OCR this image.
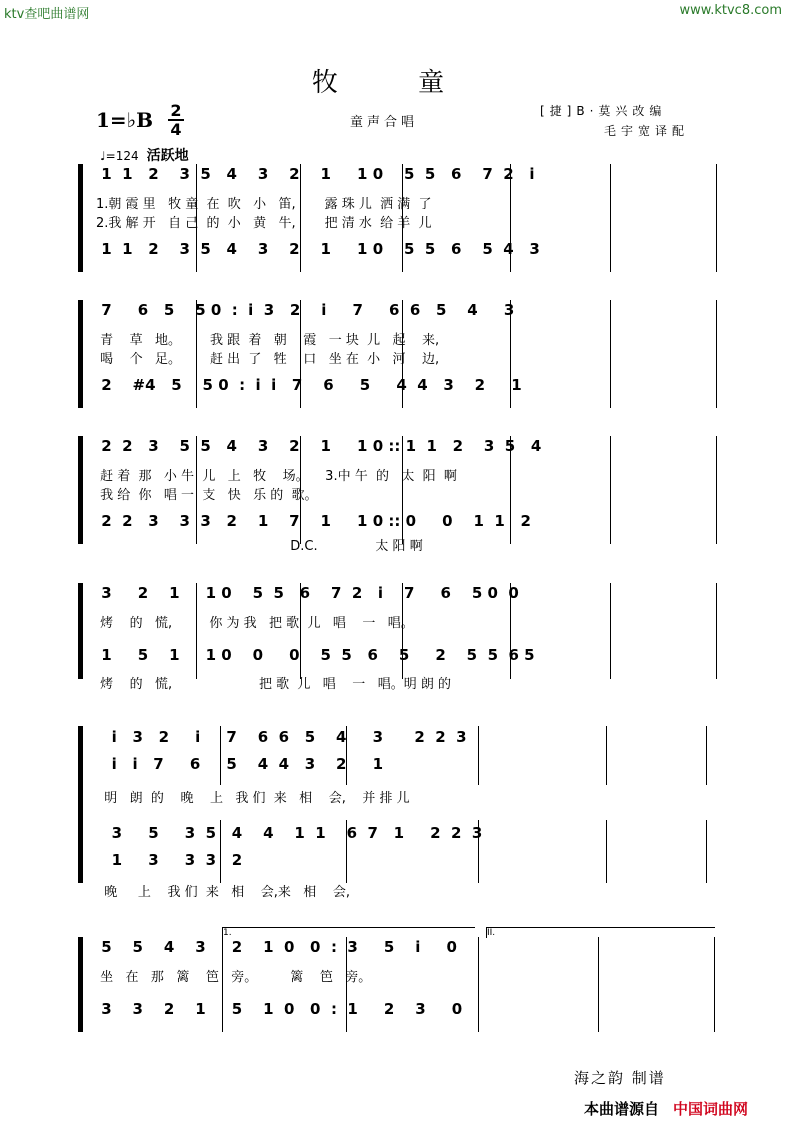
ktv查吧曲谱网	www.ktvc8.com
牧 童
1=♭B 2
4	童声合唱
[捷]B·莫兴改编
毛宇宽译配
♩=124 活跃地
1.	II.
1  1   2    3  5   4    3    2    1     1 0    5  5   6    7  2   i
1.朝 霞 里   牧 童  在  吹   小   笛,       露 珠 儿  洒 满  了
2.我 解 开   自 己  的  小   黄   牛,       把 清 水  给 羊  儿
1  1   2    3  5   4    3    2    1     1 0    5  5   6    5  4   3
7     6   5    5 0  :  i  3   2    i     7     6  6   5    4     3
青    草   地。       我 跟  着   朝    霞   一 块  儿   起    来,
喝    个   足。       赶 出  了   牲    口   坐 在  小   河    边,
2    #4   5    5 0  :  i  i   7    6     5     4  4   3    2     1
2  2   3    5  5   4    3    2    1     1 0 :: 1  1   2    3  5   4
赶 着  那   小 牛  儿   上   牧    场。    3.中 午  的   太  阳  啊
我 给  你   唱 一  支   快   乐 的  歌。
2  2   3    3  3   2    1    7    1     1 0 :: 0     0    1  1   2
D.C.              太 阳 啊
3     2    1     1 0    5  5   6    7  2   i    7     6    5 0  0
烤    的   慌,         你 为 我   把 歌  儿   唱    一   唱。
1     5    1     1 0    0     0    5  5   6    5     2    5  5  6 5
烤    的   慌,                     把 歌  儿   唱    一   唱。明 朗 的
i   3   2     i     7    6  6   5    4     3      2  2  3
i   i   7     6     5    4  4   3    2     1
明   朗  的    晚    上   我 们  来   相    会,    并 排 儿
3     5     3  5   4    4    1  1    6  7   1     2  2  3
1     3     3  3   2
晚     上    我 们  来   相    会,来   相    会,
5    5    4    3     2    1  0   0  :  3     5    i     0
坐   在   那   篱    笆   旁。        篱    笆   旁。
3    3    2    1     5    1  0   0  :  1     2    3     0
海之韵 制谱
本曲谱源自 中国词曲网
